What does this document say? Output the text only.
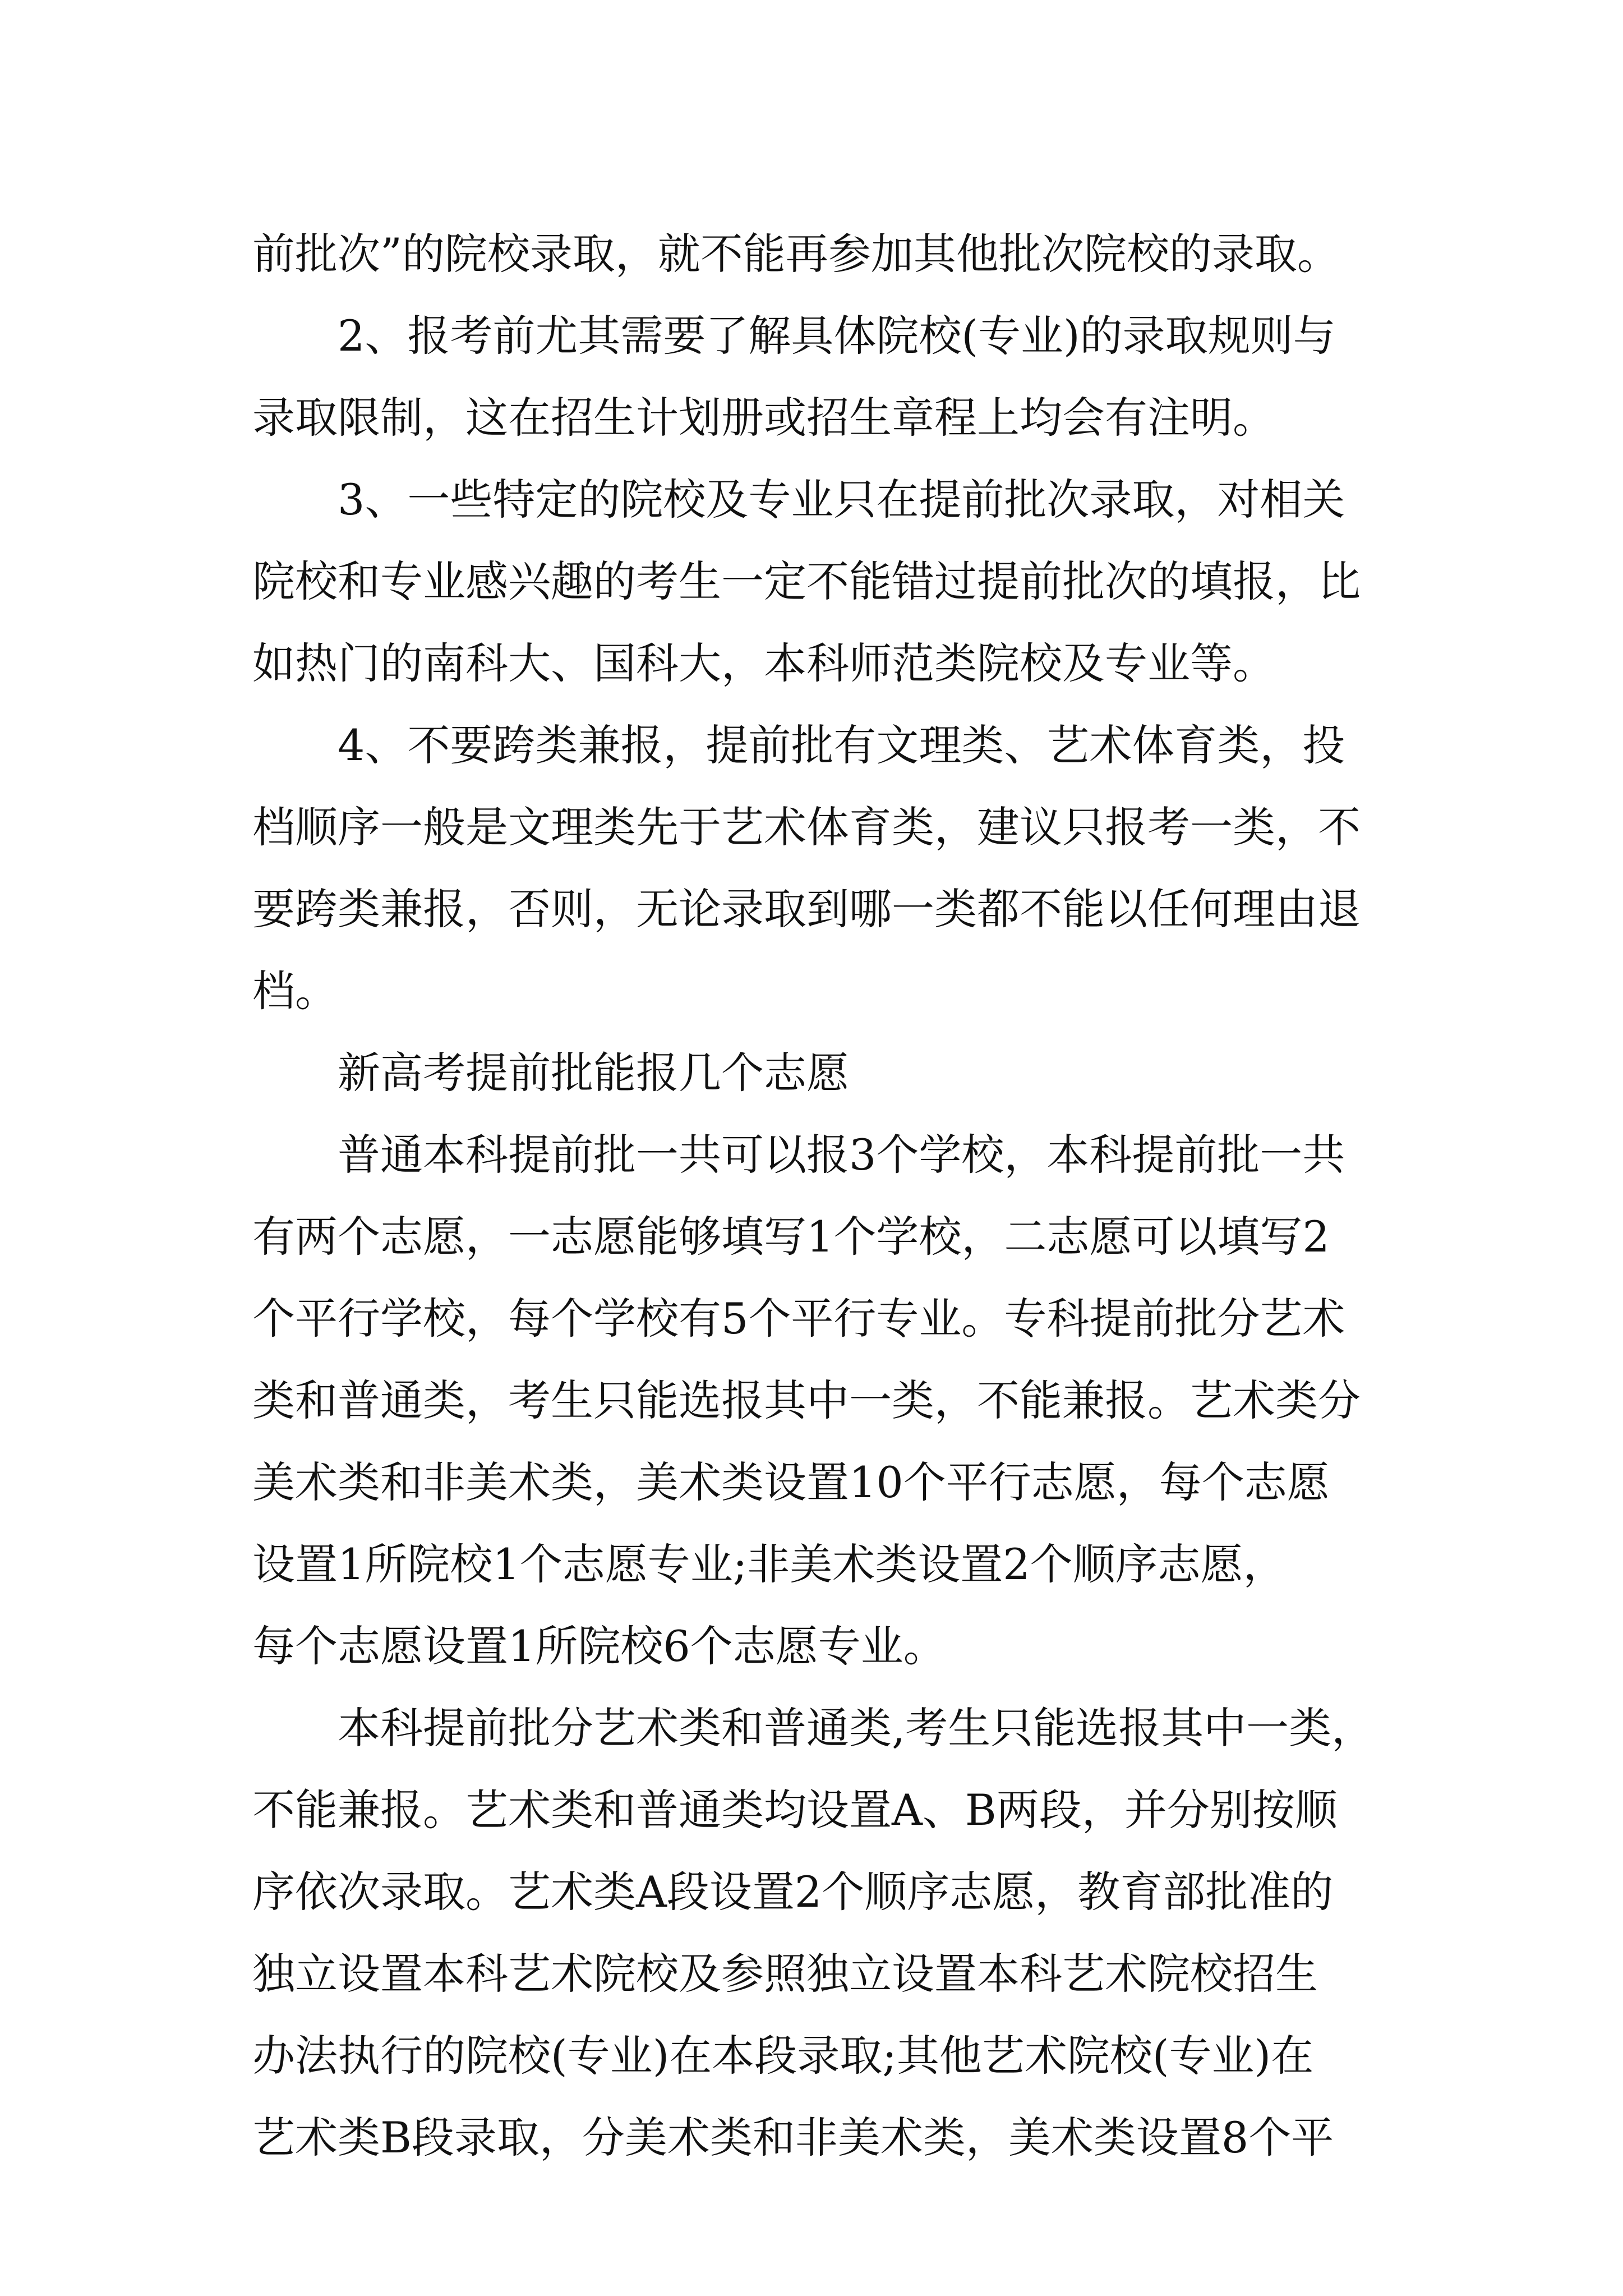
前批次”的院校录取，就不能再参加其他批次院校的录取。
2、报考前尤其需要了解具体院校(专业)的录取规则与
录取限制，这在招生计划册或招生章程上均会有注明。
3、一些特定的院校及专业只在提前批次录取，对相关
院校和专业感兴趣的考生一定不能错过提前批次的填报，比
如热门的南科大、国科大，本科师范类院校及专业等。
4、不要跨类兼报，提前批有文理类、艺术体育类，投
档顺序一般是文理类先于艺术体育类，建议只报考一类，不
要跨类兼报，否则，无论录取到哪一类都不能以任何理由退
档。
新高考提前批能报几个志愿
普通本科提前批一共可以报3个学校，本科提前批一共
有两个志愿，一志愿能够填写1个学校，二志愿可以填写2
个平行学校，每个学校有5个平行专业。专科提前批分艺术
类和普通类，考生只能选报其中一类，不能兼报。艺术类分
美术类和非美术类，美术类设置10个平行志愿，每个志愿
设置1所院校1个志愿专业;非美术类设置2个顺序志愿，
每个志愿设置1所院校6个志愿专业。
本科提前批分艺术类和普通类,考生只能选报其中一类，
不能兼报。艺术类和普通类均设置A、B两段，并分别按顺
序依次录取。艺术类A段设置2个顺序志愿，教育部批准的
独立设置本科艺术院校及参照独立设置本科艺术院校招生
办法执行的院校(专业)在本段录取;其他艺术院校(专业)在
艺术类B段录取，分美术类和非美术类，美术类设置8个平
